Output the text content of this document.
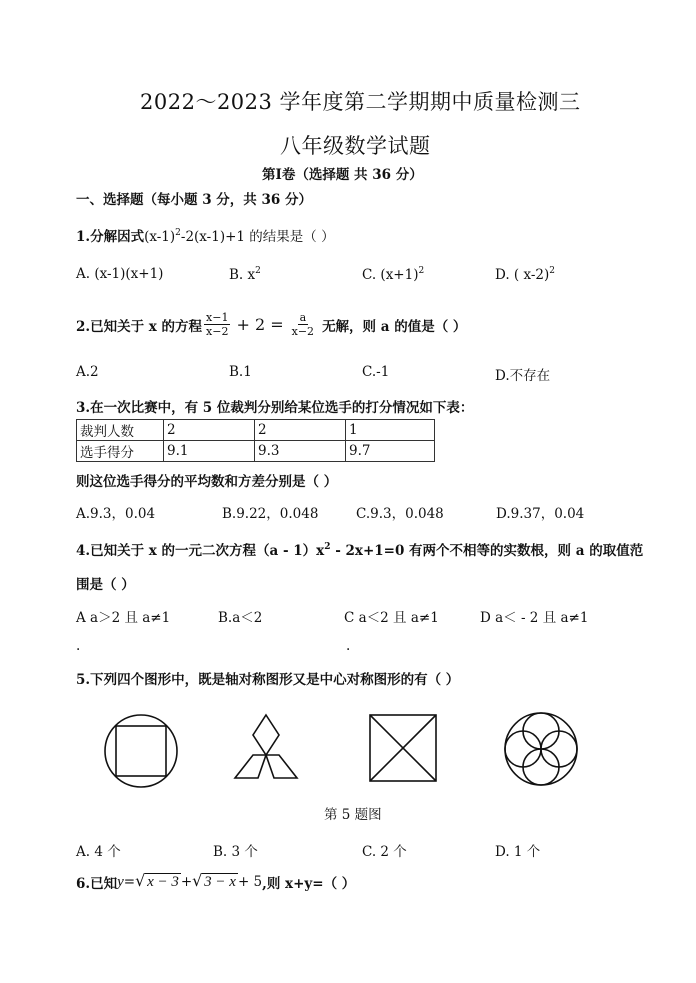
2022～2023 学年度第二学期期中质量检测三
八年级数学试题
第Ⅰ卷（选择题 共 36 分）
一、选择题（每小题 3 分，共 36 分）
1.分解因式$(x-1)^2-2(x-1)+1$ 的结果是（ ）
A. (x-1)(x+1)	B. $x^2$	C. $(x+1)^2$	D. ( x-2)$^2$
2.已知关于 x 的方程 $\frac{x-1}{x-2} + 2 = \frac{a}{x-2}$ 无解，则 a 的值是（ ）
A.2	B.1	C.-1	D.不存在
3.在一次比赛中，有 5 位裁判分别给某位选手的打分情况如下表：
裁判人数	2	2	1
选手得分	9.1	9.3	9.7
则这位选手得分的平均数和方差分别是（ ）
A.9.3，0.04	B.9.22，0.048	C.9.3，0.048	D.9.37，0.04
4.已知关于 x 的一元二次方程$(a - 1)x^2 - 2x+1=0$ 有两个不相等的实数根，则 a 的取值范
围是（ ）
A a＞2 且 a≠1	B.a＜2	C a＜2 且 a≠1	D a＜ - 2 且 a≠1
.	.
5.下列四个图形中，既是轴对称图形又是中心对称图形的有（ ）
第 5 题图
A. 4 个	B. 3 个	C. 2 个	D. 1 个
6.已知 y = √ x − 3 + √ 3 − x + 5 ,则 x+y=（ ）
